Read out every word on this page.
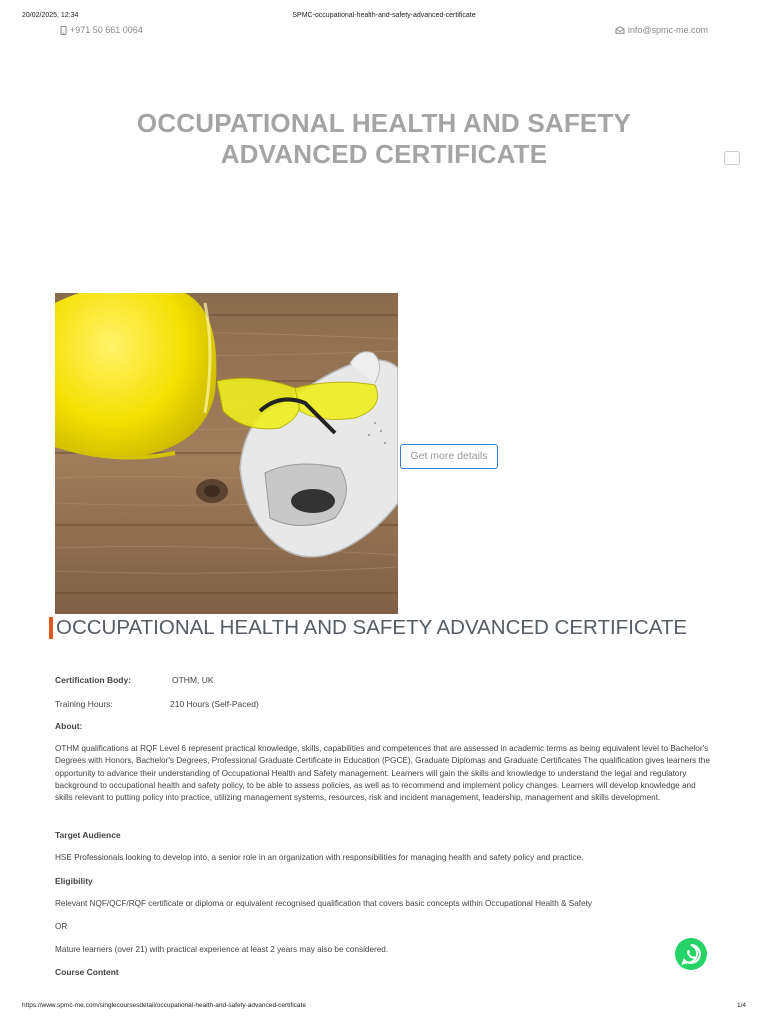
20/02/2025, 12:34	SPMC-occupational-health-and-safety-advanced-certificate
+971 50 661 0064	info@spmc-me.com
OCCUPATIONAL HEALTH AND SAFETY
ADVANCED CERTIFICATE
Get more details
OCCUPATIONAL HEALTH AND SAFETY ADVANCED CERTIFICATE
Certification Body:	OTHM, UK
Training Hours:	210 Hours (Self-Paced)
About:
OTHM qualifications at RQF Level 6 represent practical knowledge, skills, capabilities and competences that are assessed in academic terms as being equivalent level to Bachelor's Degrees with Honors, Bachelor's Degrees, Professional Graduate Certificate in Education (PGCE), Graduate Diplomas and Graduate Certificates The qualification gives learners the opportunity to advance their understanding of Occupational Health and Safety management. Learners will gain the skills and knowledge to understand the legal and regulatory background to occupational health and safety policy, to be able to assess policies, as well as to recommend and implement policy changes. Learners will develop knowledge and skills relevant to putting policy into practice, utilizing management systems, resources, risk and incident management, leadership, management and skills development.
Target Audience
HSE Professionals looking to develop into, a senior role in an organization with responsibilities for managing health and safety policy and practice.
Eligibility
Relevant NQF/QCF/RQF certificate or diploma or equivalent recognised qualification that covers basic concepts within Occupational Health & Safety
OR
Mature learners (over 21) with practical experience at least 2 years may also be considered.
Course Content
https://www.spmc-me.com/singlecoursesdetail/occupational-health-and-safety-advanced-certificate	1/4
